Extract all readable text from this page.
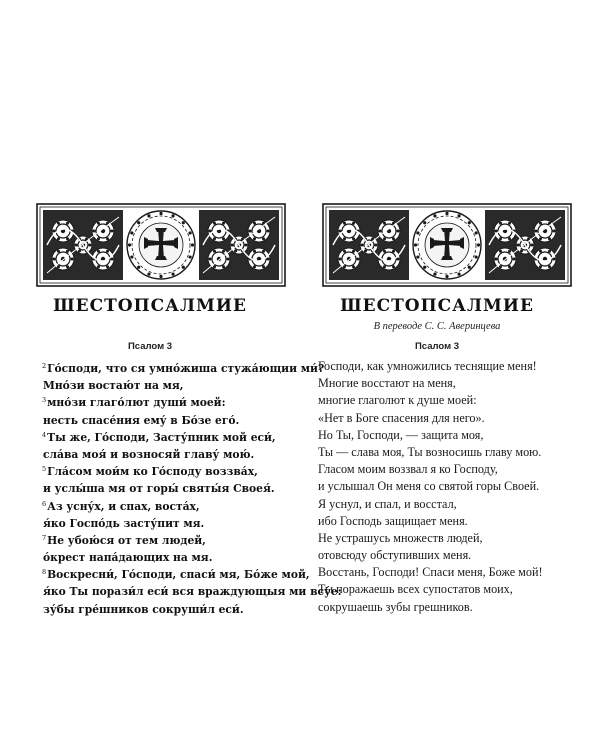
ШЕСТОПСАЛМИЕ
Псалом 3
$^2$Го́споди, что ся умно́жиша стужа́ющии ми́?
Мно́зи востаю́т на мя,
$^3$мно́зи глаго́лют души́ моей:
несть спасе́ния ему́ в Бо́зе его́.
$^4$Ты же, Го́споди, Засту́пник мой еси́,
сла́ва моя́ и возносяй главу́ мою́.
$^5$Гла́сом мои́м ко Го́споду воззва́х,
и услы́ша мя от горы́ святы́я Своея́.
$^6$Аз усну́х, и спах, воста́х,
я́ко Госпо́дь засту́пит мя.
$^7$Не убою́ся от тем людей,
о́крест напа́дающих на мя.
$^8$Воскресни́, Го́споди, спаси́ мя, Бо́же мой,
я́ко Ты порази́л еси́ вся враждующыя ми всу́е:
зу́бы гре́шников сокруши́л еси́.
ШЕСТОПСАЛМИЕ
В переводе С. С. Аверинцева
Псалом 3
Господи, как умножились теснящие меня!
Многие восстают на меня,
многие глаголют к душе моей:
«Нет в Боге спасения для него».
Но Ты, Господи, — защита моя,
Ты — слава моя, Ты возносишь главу мою.
Гласом моим воззвал я ко Господу,
и услышал Он меня со святой горы Своей.
Я уснул, и спал, и восстал,
ибо Господь защищает меня.
Не устрашусь множеств людей,
отовсюду обступивших меня.
Восстань, Господи! Спаси меня, Боже мой!
Ты поражаешь всех супостатов моих,
сокрушаешь зубы грешников.
